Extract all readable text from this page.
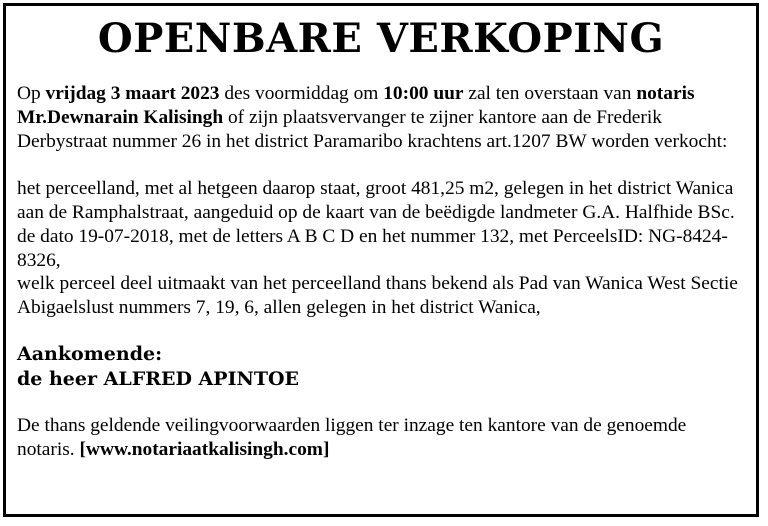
OPENBARE VERKOPING

Op vrijdag 3 maart 2023 des voormiddag om 10:00 uur zal ten overstaan van notaris Mr.Dewnarain Kalisingh of zijn plaatsvervanger te zijner kantore aan de Frederik Derbystraat nummer 26 in het district Paramaribo krachtens art.1207 BW worden verkocht:

het perceelland, met al hetgeen daarop staat, groot 481,25 m2, gelegen in het district Wanica aan de Ramphalstraat, aangeduid op de kaart van de beëdigde landmeter G.A. Halfhide BSc. de dato 19-07-2018, met de letters A B C D en het nummer 132, met PerceelsID: NG-8424-8326,

welk perceel deel uitmaakt van het perceelland thans bekend als Pad van Wanica West Sectie Abigaelslust nummers 7, 19, 6, allen gelegen in het district Wanica,

Aankomende:
de heer ALFRED APINTOE

De thans geldende veilingvoorwaarden liggen ter inzage ten kantore van de genoemde notaris. [www.notariaatkalisingh.com]
